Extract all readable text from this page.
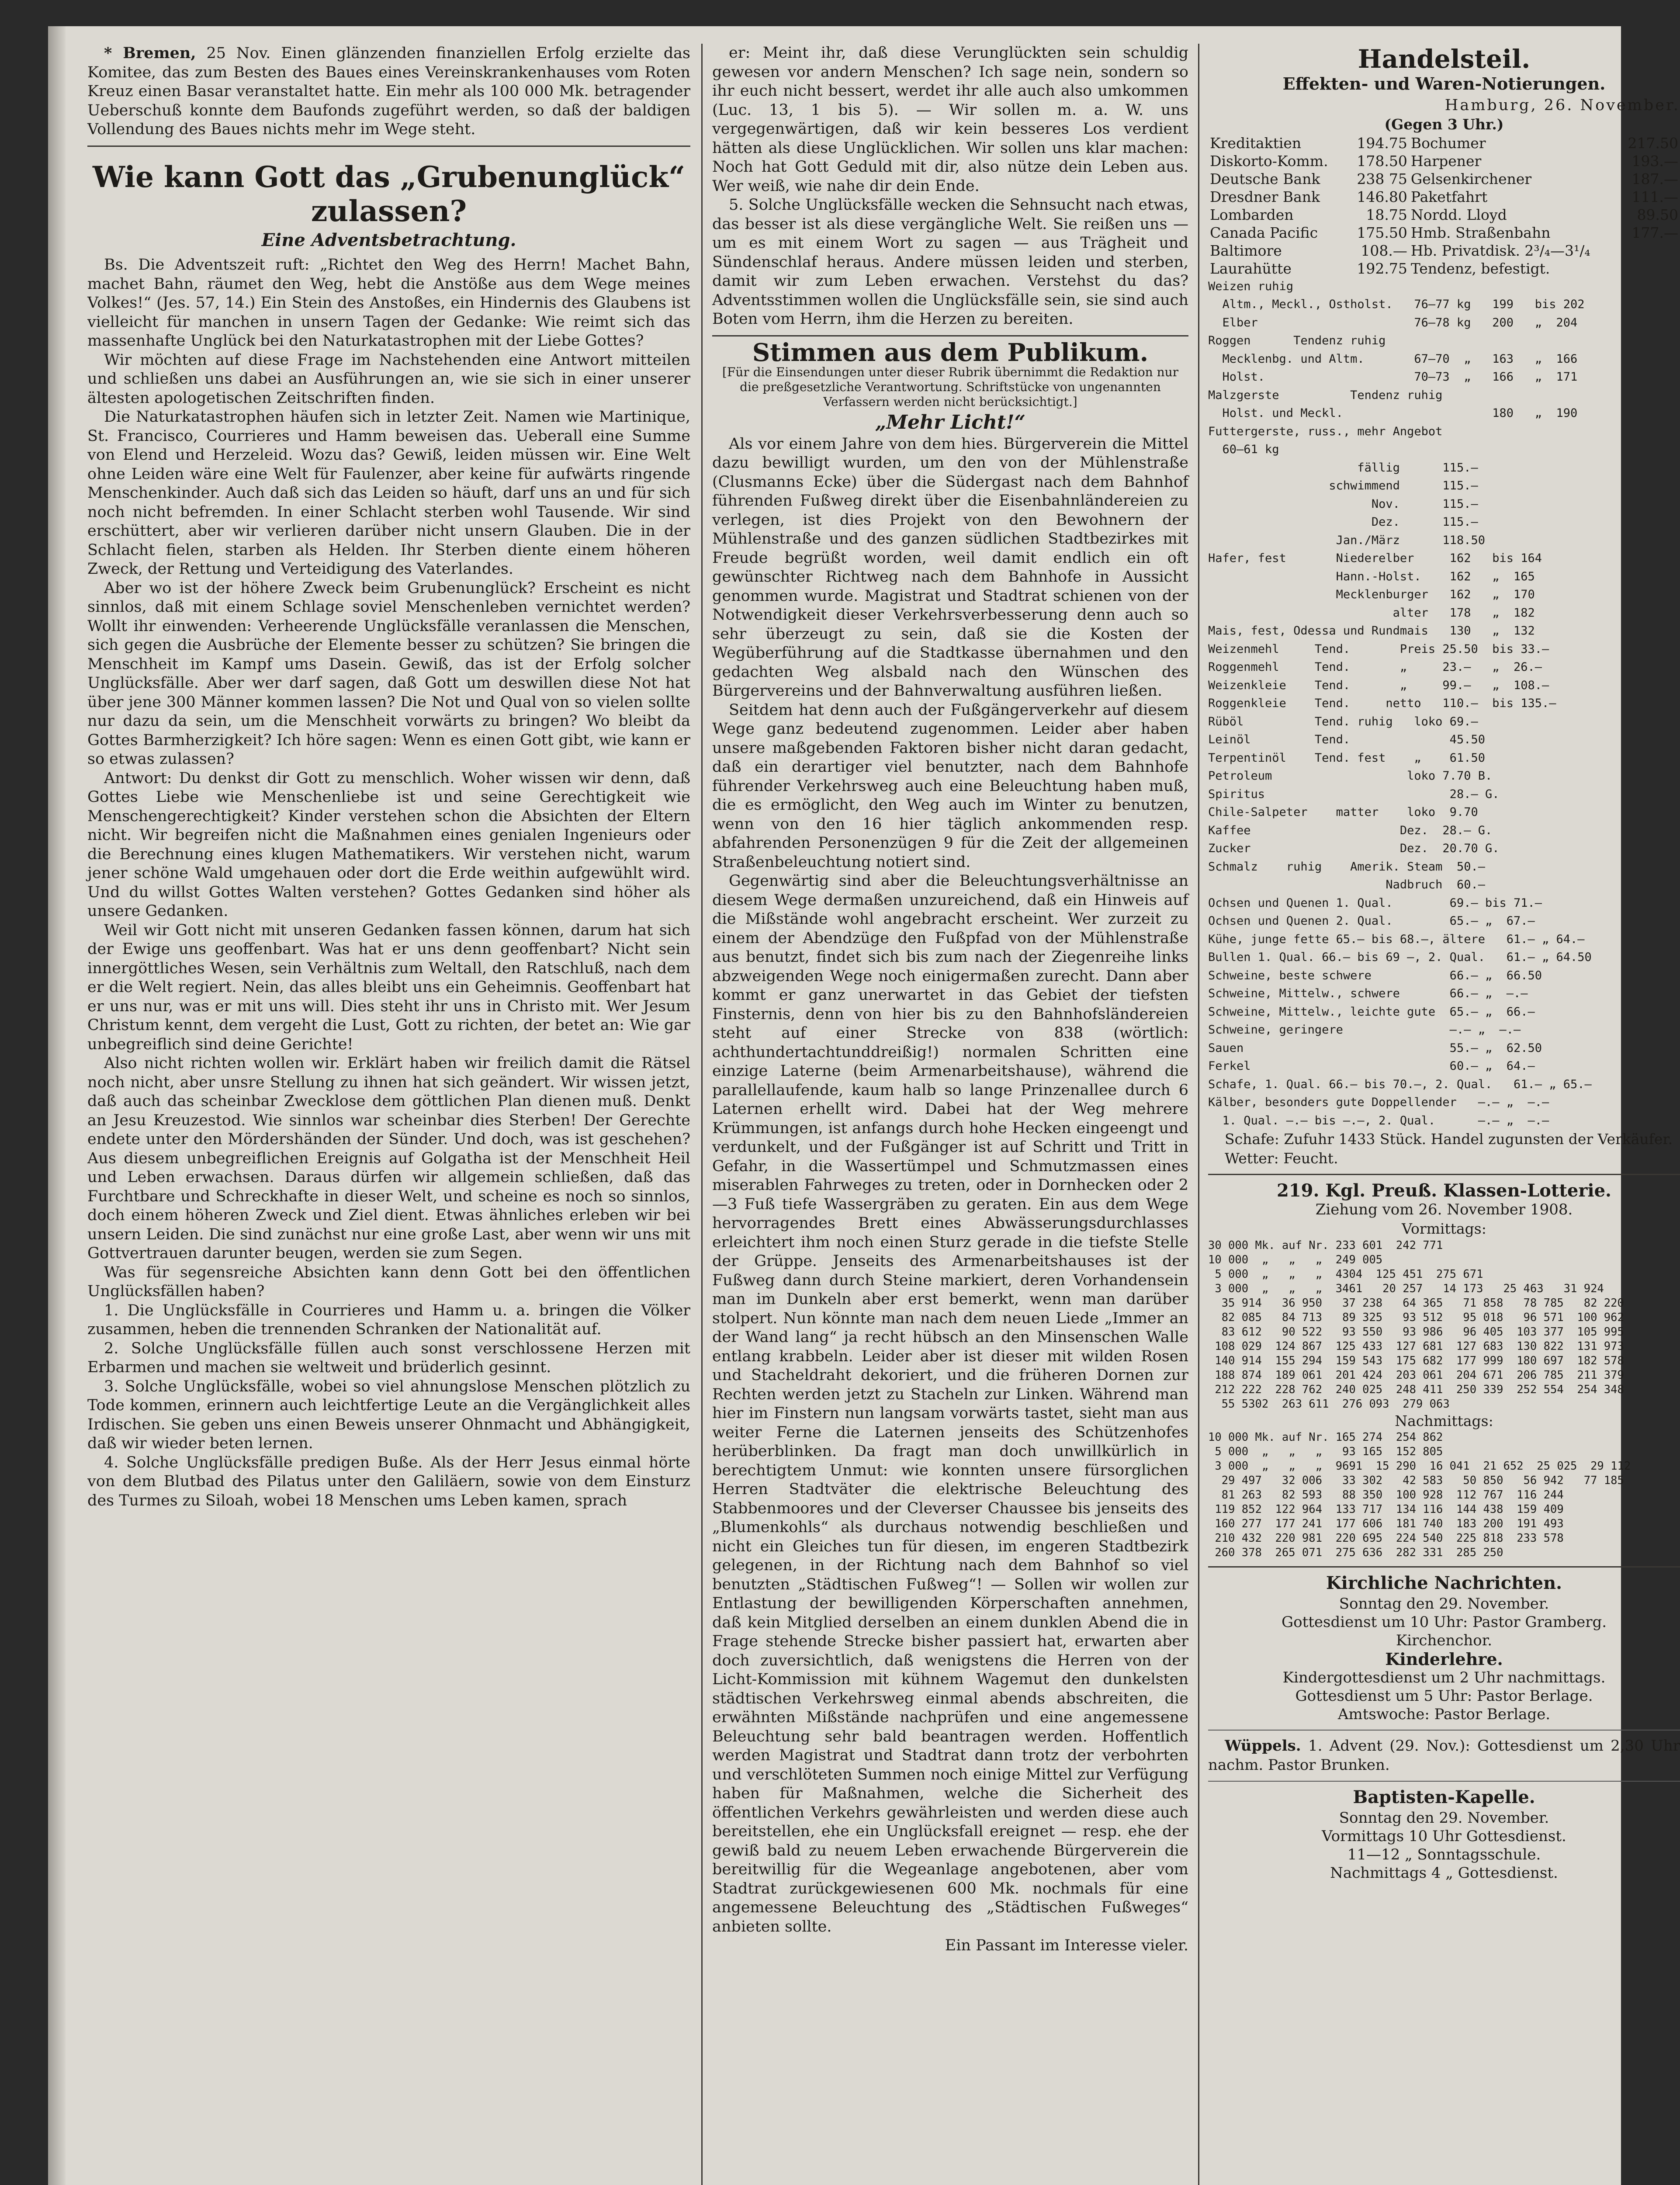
* Bremen, 25 Nov. Einen glänzenden finanziellen Erfolg erzielte das Komitee, das zum Besten des Baues eines Vereinskrankenhauses vom Roten Kreuz einen Basar veranstaltet hatte. Ein mehr als 100 000 Mk. betragender Ueberschuß konnte dem Baufonds zugeführt werden, so daß der baldigen Vollendung des Baues nichts mehr im Wege steht.

Wie kann Gott das „Grubenunglück“ zulassen?
Eine Adventsbetrachtung.

Bs. Die Adventszeit ruft: „Richtet den Weg des Herrn! Machet Bahn, machet Bahn, räumet den Weg, hebt die Anstöße aus dem Wege meines Volkes!“ (Jes. 57, 14.) Ein Stein des Anstoßes, ein Hindernis des Glaubens ist vielleicht für manchen in unsern Tagen der Gedanke: Wie reimt sich das massenhafte Unglück bei den Naturkatastrophen mit der Liebe Gottes?

Wir möchten auf diese Frage im Nachstehenden eine Antwort mitteilen und schließen uns dabei an Ausführungen an, wie sie sich in einer unserer ältesten apologetischen Zeitschriften finden.

Die Naturkatastrophen häufen sich in letzter Zeit. Namen wie Martinique, St. Francisco, Courrieres und Hamm beweisen das. Ueberall eine Summe von Elend und Herzeleid. Wozu das? Gewiß, leiden müssen wir. Eine Welt ohne Leiden wäre eine Welt für Faulenzer, aber keine für aufwärts ringende Menschenkinder. Auch daß sich das Leiden so häuft, darf uns an und für sich noch nicht befremden. In einer Schlacht sterben wohl Tausende. Wir sind erschüttert, aber wir verlieren darüber nicht unsern Glauben. Die in der Schlacht fielen, starben als Helden. Ihr Sterben diente einem höheren Zweck, der Rettung und Verteidigung des Vaterlandes.

Aber wo ist der höhere Zweck beim Grubenunglück? Erscheint es nicht sinnlos, daß mit einem Schlage soviel Menschenleben vernichtet werden? Wollt ihr einwenden: Verheerende Unglücksfälle veranlassen die Menschen, sich gegen die Ausbrüche der Elemente besser zu schützen? Sie bringen die Menschheit im Kampf ums Dasein. Gewiß, das ist der Erfolg solcher Unglücksfälle. Aber wer darf sagen, daß Gott um deswillen diese Not hat über jene 300 Männer kommen lassen? Die Not und Qual von so vielen sollte nur dazu da sein, um die Menschheit vorwärts zu bringen? Wo bleibt da Gottes Barmherzigkeit? Ich höre sagen: Wenn es einen Gott gibt, wie kann er so etwas zulassen?

Antwort: Du denkst dir Gott zu menschlich. Woher wissen wir denn, daß Gottes Liebe wie Menschenliebe ist und seine Gerechtigkeit wie Menschengerechtigkeit? Kinder verstehen schon die Absichten der Eltern nicht. Wir begreifen nicht die Maßnahmen eines genialen Ingenieurs oder die Berechnung eines klugen Mathematikers. Wir verstehen nicht, warum jener schöne Wald umgehauen oder dort die Erde weithin aufgewühlt wird. Und du willst Gottes Walten verstehen? Gottes Gedanken sind höher als unsere Gedanken.

Weil wir Gott nicht mit unseren Gedanken fassen können, darum hat sich der Ewige uns geoffenbart. Was hat er uns denn geoffenbart? Nicht sein innergöttliches Wesen, sein Verhältnis zum Weltall, den Ratschluß, nach dem er die Welt regiert. Nein, das alles bleibt uns ein Geheimnis. Geoffenbart hat er uns nur, was er mit uns will. Dies steht ihr uns in Christo mit. Wer Jesum Christum kennt, dem vergeht die Lust, Gott zu richten, der betet an: Wie gar unbegreiflich sind deine Gerichte!

Also nicht richten wollen wir. Erklärt haben wir freilich damit die Rätsel noch nicht, aber unsre Stellung zu ihnen hat sich geändert. Wir wissen jetzt, daß auch das scheinbar Zwecklose dem göttlichen Plan dienen muß. Denkt an Jesu Kreuzestod. Wie sinnlos war scheinbar dies Sterben! Der Gerechte endete unter den Mördershänden der Sünder. Und doch, was ist geschehen? Aus diesem unbegreiflichen Ereignis auf Golgatha ist der Menschheit Heil und Leben erwachsen. Daraus dürfen wir allgemein schließen, daß das Furchtbare und Schreckhafte in dieser Welt, und scheine es noch so sinnlos, doch einem höheren Zweck und Ziel dient. Etwas ähnliches erleben wir bei unsern Leiden. Die sind zunächst nur eine große Last, aber wenn wir uns mit Gottvertrauen darunter beugen, werden sie zum Segen.

Was für segensreiche Absichten kann denn Gott bei den öffentlichen Unglücksfällen haben?

1. Die Unglücksfälle in Courrieres und Hamm u. a. bringen die Völker zusammen, heben die trennenden Schranken der Nationalität auf.

2. Solche Unglücksfälle füllen auch sonst verschlossene Herzen mit Erbarmen und machen sie weltweit und brüderlich gesinnt.

3. Solche Unglücksfälle, wobei so viel ahnungslose Menschen plötzlich zu Tode kommen, erinnern auch leichtfertige Leute an die Vergänglichkeit alles Irdischen. Sie geben uns einen Beweis unserer Ohnmacht und Abhängigkeit, daß wir wieder beten lernen.

4. Solche Unglücksfälle predigen Buße. Als der Herr Jesus einmal hörte von dem Blutbad des Pilatus unter den Galiläern, sowie von dem Einsturz des Turmes zu Siloah, wobei 18 Menschen ums Leben kamen, sprach

er: Meint ihr, daß diese Verunglückten sein schuldig gewesen vor andern Menschen? Ich sage nein, sondern so ihr euch nicht bessert, werdet ihr alle auch also umkommen (Luc. 13, 1 bis 5). — Wir sollen m. a. W. uns vergegenwärtigen, daß wir kein besseres Los verdient hätten als diese Unglücklichen. Wir sollen uns klar machen: Noch hat Gott Geduld mit dir, also nütze dein Leben aus. Wer weiß, wie nahe dir dein Ende.

5. Solche Unglücksfälle wecken die Sehnsucht nach etwas, das besser ist als diese vergängliche Welt. Sie reißen uns — um es mit einem Wort zu sagen — aus Trägheit und Sündenschlaf heraus. Andere müssen leiden und sterben, damit wir zum Leben erwachen. Verstehst du das? Adventsstimmen wollen die Unglücksfälle sein, sie sind auch Boten vom Herrn, ihm die Herzen zu bereiten.

Stimmen aus dem Publikum.
[Für die Einsendungen unter dieser Rubrik übernimmt die Redaktion nur die preßgesetzliche Verantwortung. Schriftstücke von ungenannten Verfassern werden nicht berücksichtigt.]
„Mehr Licht!“

Als vor einem Jahre von dem hies. Bürgerverein die Mittel dazu bewilligt wurden, um den von der Mühlenstraße (Clusmanns Ecke) über die Südergast nach dem Bahnhof führenden Fußweg direkt über die Eisenbahnländereien zu verlegen, ist dies Projekt von den Bewohnern der Mühlenstraße und des ganzen südlichen Stadtbezirkes mit Freude begrüßt worden, weil damit endlich ein oft gewünschter Richtweg nach dem Bahnhofe in Aussicht genommen wurde. Magistrat und Stadtrat schienen von der Notwendigkeit dieser Verkehrsverbesserung denn auch so sehr überzeugt zu sein, daß sie die Kosten der Wegüberführung auf die Stadtkasse übernahmen und den gedachten Weg alsbald nach den Wünschen des Bürgervereins und der Bahnverwaltung ausführen ließen.

Seitdem hat denn auch der Fußgängerverkehr auf diesem Wege ganz bedeutend zugenommen. Leider aber haben unsere maßgebenden Faktoren bisher nicht daran gedacht, daß ein derartiger viel benutzter, nach dem Bahnhofe führender Verkehrsweg auch eine Beleuchtung haben muß, die es ermöglicht, den Weg auch im Winter zu benutzen, wenn von den 16 hier täglich ankommenden resp. abfahrenden Personenzügen 9 für die Zeit der allgemeinen Straßenbeleuchtung notiert sind.

Gegenwärtig sind aber die Beleuchtungsverhältnisse an diesem Wege dermaßen unzureichend, daß ein Hinweis auf die Mißstände wohl angebracht erscheint. Wer zurzeit zu einem der Abendzüge den Fußpfad von der Mühlenstraße aus benutzt, findet sich bis zum nach der Ziegenreihe links abzweigenden Wege noch einigermaßen zurecht. Dann aber kommt er ganz unerwartet in das Gebiet der tiefsten Finsternis, denn von hier bis zu den Bahnhofsländereien steht auf einer Strecke von 838 (wörtlich: achthundertachtunddreißig!) normalen Schritten eine einzige Laterne (beim Armenarbeitshause), während die parallellaufende, kaum halb so lange Prinzenallee durch 6 Laternen erhellt wird. Dabei hat der Weg mehrere Krümmungen, ist anfangs durch hohe Hecken eingeengt und verdunkelt, und der Fußgänger ist auf Schritt und Tritt in Gefahr, in die Wassertümpel und Schmutzmassen eines miserablen Fahrweges zu treten, oder in Dornhecken oder 2—3 Fuß tiefe Wassergräben zu geraten. Ein aus dem Wege hervorragendes Brett eines Abwässerungsdurchlasses erleichtert ihm noch einen Sturz gerade in die tiefste Stelle der Grüppe. Jenseits des Armenarbeitshauses ist der Fußweg dann durch Steine markiert, deren Vorhandensein man im Dunkeln aber erst bemerkt, wenn man darüber stolpert. Nun könnte man nach dem neuen Liede „Immer an der Wand lang“ ja recht hübsch an den Minsenschen Walle entlang krabbeln. Leider aber ist dieser mit wilden Rosen und Stacheldraht dekoriert, und die früheren Dornen zur Rechten werden jetzt zu Stacheln zur Linken. Während man hier im Finstern nun langsam vorwärts tastet, sieht man aus weiter Ferne die Laternen jenseits des Schützenhofes herüberblinken. Da fragt man doch unwillkürlich in berechtigtem Unmut: wie konnten unsere fürsorglichen Herren Stadtväter die elektrische Beleuchtung des Stabbenmoores und der Cleverser Chaussee bis jenseits des „Blumenkohls“ als durchaus notwendig beschließen und nicht ein Gleiches tun für diesen, im engeren Stadtbezirk gelegenen, in der Richtung nach dem Bahnhof so viel benutzten „Städtischen Fußweg“! — Sollen wir wollen zur Entlastung der bewilligenden Körperschaften annehmen, daß kein Mitglied derselben an einem dunklen Abend die in Frage stehende Strecke bisher passiert hat, erwarten aber doch zuversichtlich, daß wenigstens die Herren von der Licht-Kommission mit kühnem Wagemut den dunkelsten städtischen Verkehrsweg einmal abends abschreiten, die erwähnten Mißstände nachprüfen und eine angemessene Beleuchtung sehr bald beantragen werden. Hoffentlich werden Magistrat und Stadtrat dann trotz der verbohrten und verschlöteten Summen noch einige Mittel zur Verfügung haben für Maßnahmen, welche die Sicherheit des öffentlichen Verkehrs gewährleisten und werden diese auch bereitstellen, ehe ein Unglücksfall ereignet — resp. ehe der gewiß bald zu neuem Leben erwachende Bürgerverein die bereitwillig für die Wegeanlage angebotenen, aber vom Stadtrat zurückgewiesenen 600 Mk. nochmals für eine angemessene Beleuchtung des „Städtischen Fußweges“ anbieten sollte.

Ein Passant im Interesse vieler.

Handelsteil.
Effekten- und Waren-Notierungen.
Hamburg, 26. November.
(Gegen 3 Uhr.)
Kreditaktien	194.75	Bochumer	217.50
Diskorto-Komm.	178.50	Harpener	193.—
Deutsche Bank	238 75	Gelsenkirchener	187.—
Dresdner Bank	146.80	Paketfahrt	111.—
Lombarden	18.75	Nordd. Lloyd	89.50
Canada Pacific	175.50	Hmb. Straßenbahn	177.—
Baltimore	108.—	Hb. Privatdisk. 2³/₄—3¹/₄	
Laurahütte	192.75	Tendenz, befestigt.	
Weizen ruhig
Altm., Meckl., Ostholst.   76—77 kg   199   bis 202
Elber                      76—78 kg   200   „  204
Roggen      Tendenz ruhig
Mecklenbg. und Altm.       67—70  „   163   „  166
Holst.                     70—73  „   166   „  171
Malzgerste          Tendenz ruhig
Holst. und Meckl.                     180   „  190
Futtergerste, russ., mehr Angebot
60—61 kg
fällig      115.—
schwimmend      115.—
Nov.      115.—
Dez.      115.—
Jan./März      118.50
Hafer, fest       Niederelber     162   bis 164
Hann.-Holst.    162   „  165
Mecklenburger   162   „  170
alter   178   „  182
Mais, fest, Odessa und Rundmais   130   „  132
Weizenmehl     Tend.       Preis 25.50  bis 33.—
Roggenmehl     Tend.       „     23.—   „  26.—
Weizenkleie    Tend.       „     99.—   „  108.—
Roggenkleie    Tend.     netto   110.—  bis 135.—
Rüböl          Tend. ruhig   loko 69.—
Leinöl         Tend.              45.50
Terpentinöl    Tend. fest    „    61.50
Petroleum                   loko 7.70 B.
Spiritus                          28.— G.
Chile-Salpeter    matter    loko  9.70
Kaffee                     Dez.  28.— G.
Zucker                     Dez.  20.70 G.
Schmalz    ruhig    Amerik. Steam  50.—
Nadbruch  60.—
Ochsen und Quenen 1. Qual.        69.— bis 71.—
Ochsen und Quenen 2. Qual.        65.— „  67.—
Kühe, junge fette 65.— bis 68.—, ältere   61.— „ 64.—
Bullen 1. Qual. 66.— bis 69 —, 2. Qual.   61.— „ 64.50
Schweine, beste schwere           66.— „  66.50
Schweine, Mittelw., schwere       66.— „  —.—
Schweine, Mittelw., leichte gute  65.— „  66.—
Schweine, geringere               —.— „  —.—
Sauen                             55.— „  62.50
Ferkel                            60.— „  64.—
Schafe, 1. Qual. 66.— bis 70.—, 2. Qual.   61.— „ 65.—
Kälber, besonders gute Doppellender   —.— „  —.—
1. Qual. —.— bis —.—, 2. Qual.      —.— „  —.—

Schafe: Zufuhr 1433 Stück. Handel zugunsten der Verkäufer.

Wetter: Feucht.

219. Kgl. Preuß. Klassen-Lotterie.
Ziehung vom 26. November 1908.
Vormittags:
30 000 Mk. auf Nr. 233 601  242 771
10 000  „   „   „  249 005
5 000  „   „   „  4304  125 451  275 671
3 000  „   „   „  3461   20 257   14 173   25 463   31 924
35 914   36 950   37 238   64 365   71 858   78 785   82 220
82 085   84 713   89 325   93 512   95 018   96 571  100 962
83 612   90 522   93 550   93 986   96 405  103 377  105 995
108 029  124 867  125 433  127 681  127 683  130 822  131 973
140 914  155 294  159 543  175 682  177 999  180 697  182 578
188 874  189 061  201 424  203 061  204 671  206 785  211 379
212 222  228 762  240 025  248 411  250 339  252 554  254 348
55 5302  263 611  276 093  279 063
Nachmittags:
10 000 Mk. auf Nr. 165 274  254 862
5 000  „   „   „   93 165  152 805
3 000  „   „   „  9691  15 290  16 041  21 652  25 025  29 112
29 497   32 006   33 302   42 583   50 850   56 942   77 185
81 263   82 593   88 350  100 928  112 767  116 244
119 852  122 964  133 717  134 116  144 438  159 409
160 277  177 241  177 606  181 740  183 200  191 493
210 432  220 981  220 695  224 540  225 818  233 578
260 378  265 071  275 636  282 331  285 250
Kirchliche Nachrichten.
Sonntag den 29. November.
Gottesdienst um 10 Uhr: Pastor Gramberg.
Kirchenchor.
Kinderlehre.
Kindergottesdienst um 2 Uhr nachmittags.
Gottesdienst um 5 Uhr: Pastor Berlage.
Amtswoche: Pastor Berlage.

Wüppels. 1. Advent (29. Nov.): Gottesdienst um 2,30 Uhr nachm. Pastor Brunken.

Baptisten-Kapelle.
Sonntag den 29. November.
Vormittags 10 Uhr Gottesdienst.
11—12 „ Sonntagsschule.
Nachmittags 4 „ Gottesdienst.
